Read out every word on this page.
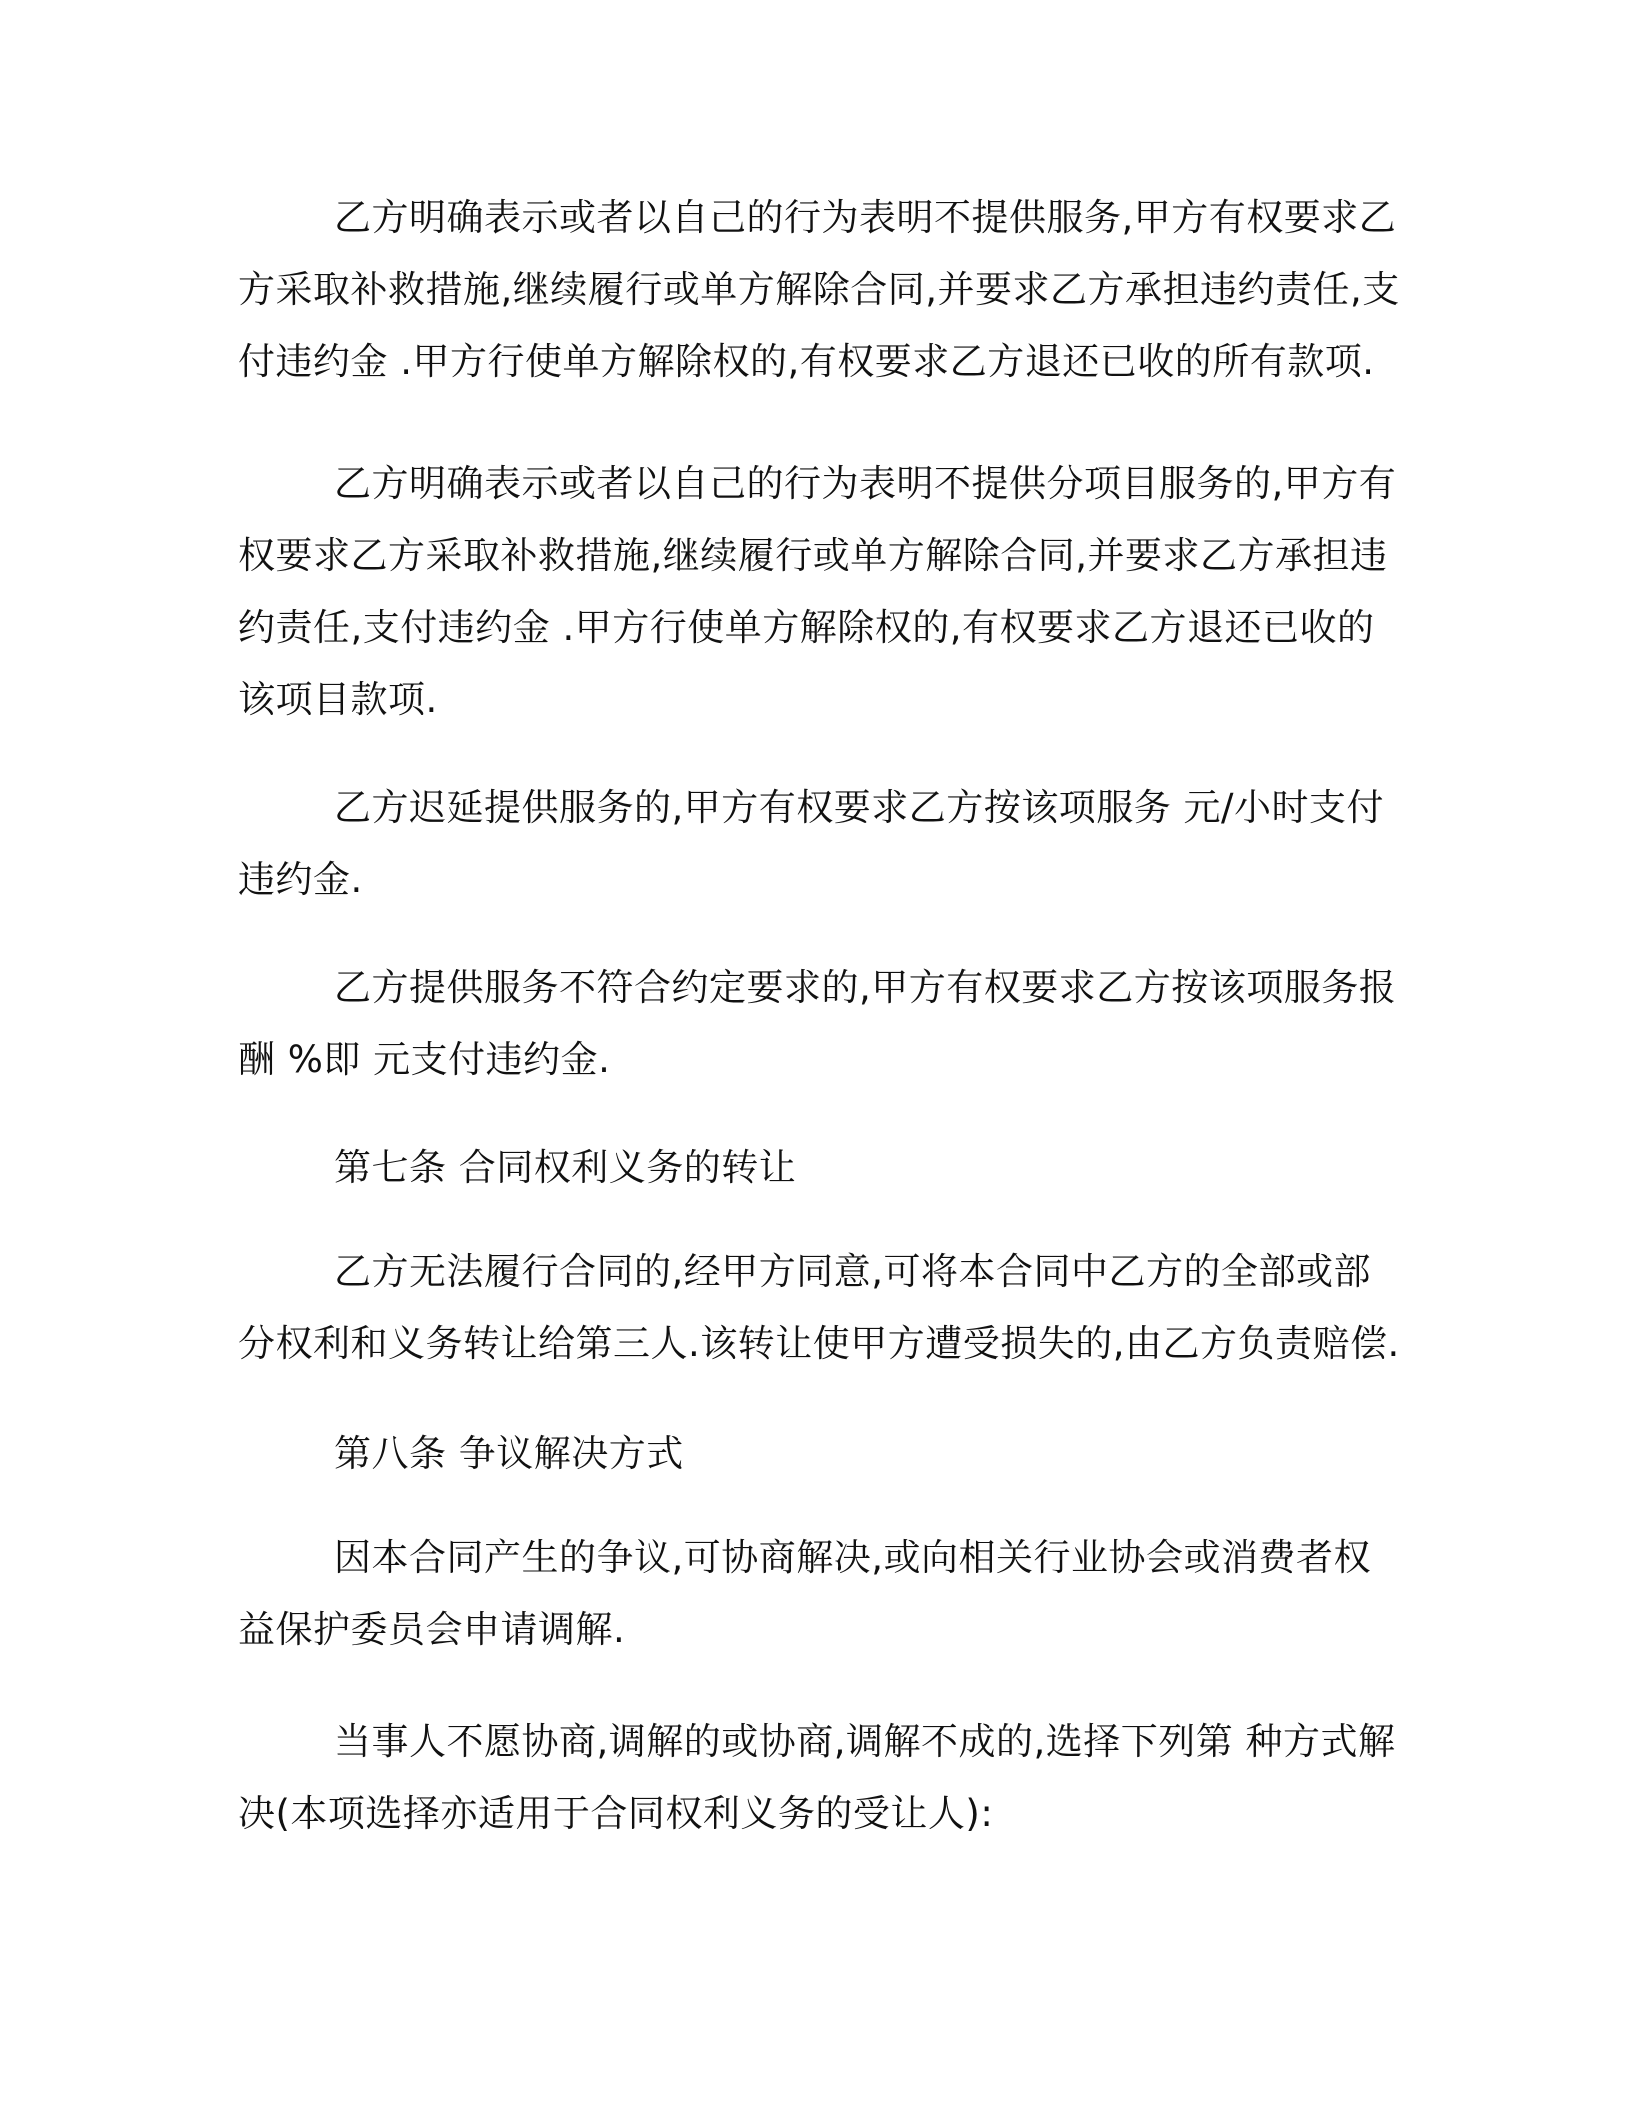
乙方明确表示或者以自己的行为表明不提供服务,甲方有权要求乙方采取补救措施,继续履行或单方解除合同,并要求乙方承担违约责任,支付违约金 .甲方行使单方解除权的,有权要求乙方退还已收的所有款项.

乙方明确表示或者以自己的行为表明不提供分项目服务的,甲方有权要求乙方采取补救措施,继续履行或单方解除合同,并要求乙方承担违约责任,支付违约金 .甲方行使单方解除权的,有权要求乙方退还已收的该项目款项.

乙方迟延提供服务的,甲方有权要求乙方按该项服务 元/小时支付违约金.

乙方提供服务不符合约定要求的,甲方有权要求乙方按该项服务报酬 %即 元支付违约金.

第七条 合同权利义务的转让

乙方无法履行合同的,经甲方同意,可将本合同中乙方的全部或部分权利和义务转让给第三人.该转让使甲方遭受损失的,由乙方负责赔偿.

第八条 争议解决方式

因本合同产生的争议,可协商解决,或向相关行业协会或消费者权益保护委员会申请调解.

当事人不愿协商,调解的或协商,调解不成的,选择下列第 种方式解决(本项选择亦适用于合同权利义务的受让人):
